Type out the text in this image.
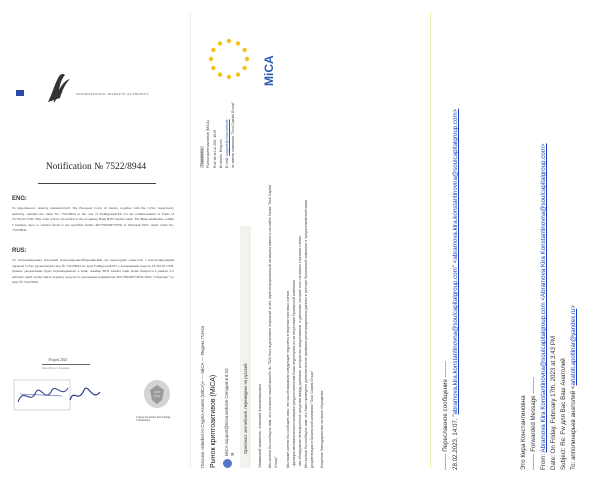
INTERNATIONAL MARKETS AUTHORITY
Notification № 7522/8944
ENG:
To Appointee/er: Anatoly Alexandrovich The European Court of Justice, together with the CySec supervisory authority, satisfied the claim No. 7522/8944 in the case of FedRgroupE.EU for the reimbursement of funds of 23,762.65 USD. This order will be forwarded to the Acquiring Bank BTN transfer bank. The Bank undertakes, within 5 business days, to transfer funds to the specified details 4817760208770056 of Sberbank PJSC under claim No. 7522/8944.
RUS:
Уа Апполинарьевич Анатолий Александрович!Европейский суд правосудия совместно с контролирующим органом CySec удовлетворил иск № 7522/8944 по делу FedRgroupE.EU о возмещении средств 23,762.65 USD. Данное уведомление будет перенаправлено в банк- эквайер BTN transfer bank. Банк обязуется в рамках 5-х рабочих дней осуществить перевод средств по указанным реквизитам 4817760208770056 ПАО "Сбербанк" по иску № 7522/8944.
18 april 2023
Date of the act of issuance
Cyprus Securities & Exchange Commission	Письмо «Market in Crypto-Assets (MiCA)» — MiCA — Яндекс Почта Рынок криптоактивов (MiCA) MiCA support@mica.website Сегодня в 8:33 Я
Оригинал: английский, переведено на русский.	Уважаемый заявитель, Анатолий Апполинарьевич Мы хотели бы сообщить вам, что согласно нашей жалобе № 7526 был подготовлен открытый отчёт, зарегистрированный на вашем имени и на сайте банка "Soul Capital Group". Мы также хотели бы сообщить вам, что мы обнаружили следующие недочёты в ведении торговых счетов: - функция автоматического возврата средств клиентам была недоступна из-за отсутствия брокерской компании - мы обнаружили неполученные средства между данными, которые вы предоставили, и данными, которые есть на ваших торговых счетах. Мы хотели бы сообщить вам, что было проведено дополнительно проверка регистрационных данных в реестре брокерской компании и предоставленной вами документации в брокерской компании "Soul Capital Group". Искренне благодарим вас за ваше обращение
MiCA
Рынок криптоактивов (MiCA) Rue de la Loi 200, 1049 Brussels, Belgium E-mail: support@mica.website от имени компании "Soul Capital Group"
Подписать
-------- Пересланное сообщение -------- 28.02.2023, 14:07, "abramova.kira.konstantinovna@soulcapitalgroup.com" <abramova.kira.konstantinovna@soulcapitalgroup.com>
Это Кира Константиновна -------- Forwarded Message -------- From: Abramova Kira Konstantinovna@soulcapitalgroup.com <Abramova Kira Konstantinovna@soulcapitalgroup.com> Date: On Friday, February 17th, 2023 at 3:43 PM Subject: Re: Fw для Вас Ваш Анатолий To: апполинарьев анатолий <anatoli.apollinar@yandex.ru>
